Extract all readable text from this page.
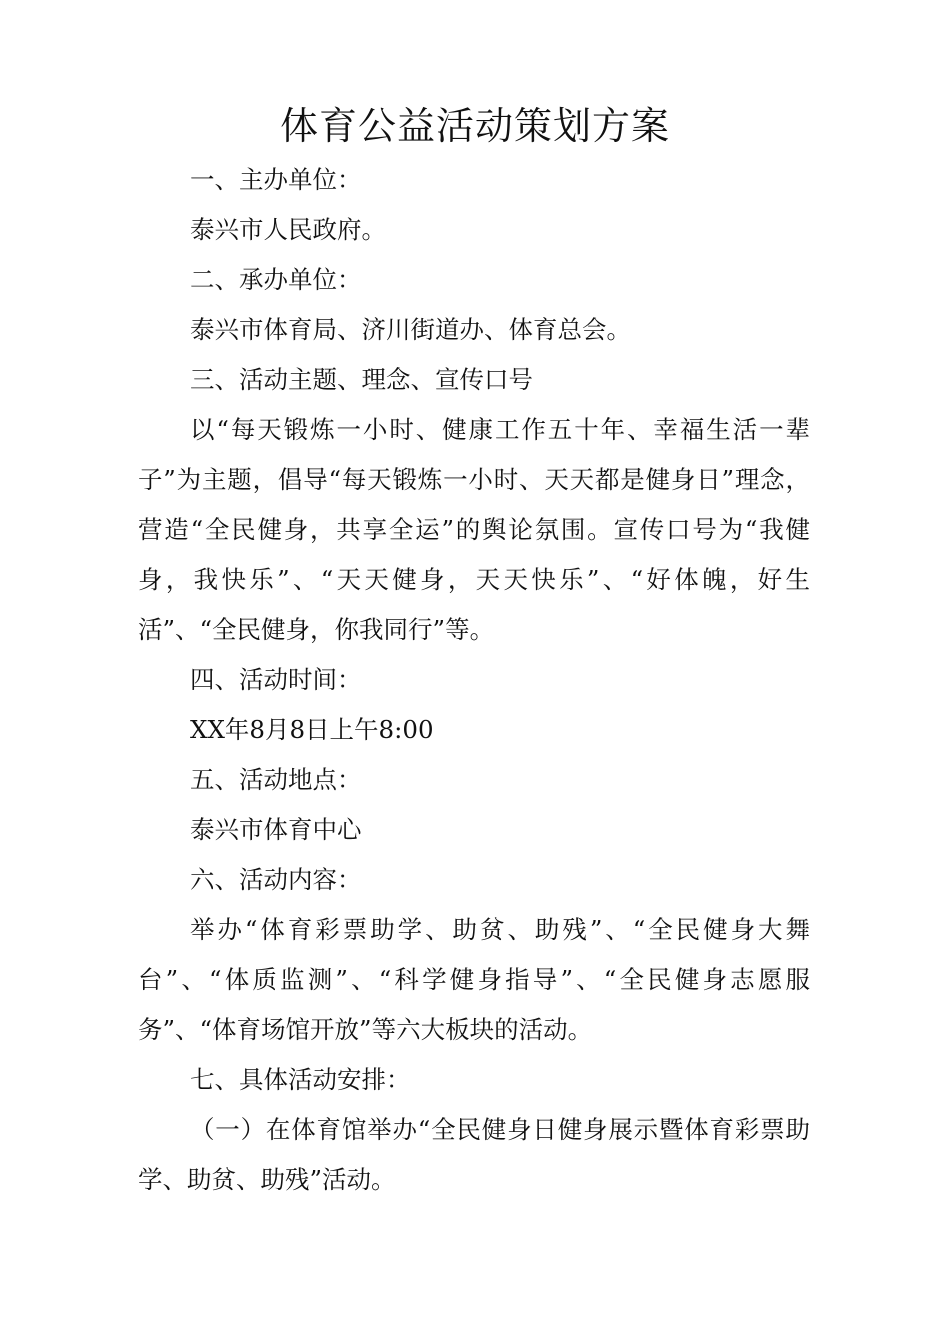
体育公益活动策划方案

一、主办单位：

泰兴市人民政府。

二、承办单位：

泰兴市体育局、济川街道办、体育总会。

三、活动主题、理念、宣传口号

以“每天锻炼一小时、健康工作五十年、幸福生活一辈子”为主题，倡导“每天锻炼一小时、天天都是健身日”理念，营造“全民健身，共享全运”的舆论氛围。宣传口号为“我健身，我快乐”、“天天健身，天天快乐”、“好体魄，好生活”、“全民健身，你我同行”等。

四、活动时间：

XX年8月8日上午8:00

五、活动地点：

泰兴市体育中心

六、活动内容：

举办“体育彩票助学、助贫、助残”、“全民健身大舞台”、“体质监测”、“科学健身指导”、“全民健身志愿服务”、“体育场馆开放”等六大板块的活动。

七、具体活动安排：

（一）在体育馆举办“全民健身日健身展示暨体育彩票助学、助贫、助残”活动。
